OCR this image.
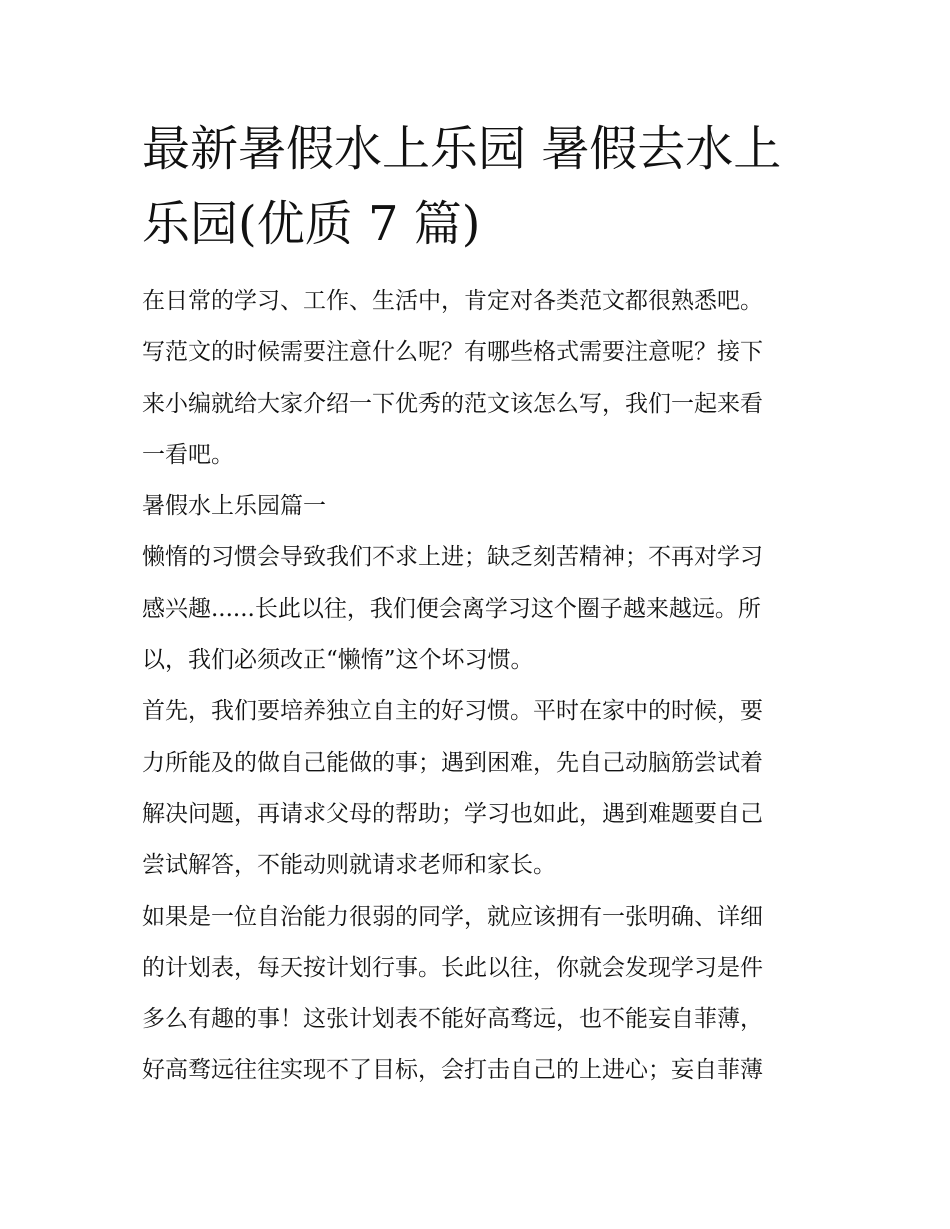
最新暑假水上乐园 暑假去水上
乐园(优质 7 篇)
在日常的学习、工作、生活中，肯定对各类范文都很熟悉吧。
写范文的时候需要注意什么呢？有哪些格式需要注意呢？接下
来小编就给大家介绍一下优秀的范文该怎么写，我们一起来看
一看吧。
暑假水上乐园篇一
懒惰的习惯会导致我们不求上进；缺乏刻苦精神；不再对学习
感兴趣......长此以往，我们便会离学习这个圈子越来越远。所
以，我们必须改正“懒惰”这个坏习惯。
首先，我们要培养独立自主的好习惯。平时在家中的时候，要
力所能及的做自己能做的事；遇到困难，先自己动脑筋尝试着
解决问题，再请求父母的帮助；学习也如此，遇到难题要自己
尝试解答，不能动则就请求老师和家长。
如果是一位自治能力很弱的同学，就应该拥有一张明确、详细
的计划表，每天按计划行事。长此以往，你就会发现学习是件
多么有趣的事！这张计划表不能好高骛远，也不能妄自菲薄，
好高骛远往往实现不了目标，会打击自己的上进心；妄自菲薄
